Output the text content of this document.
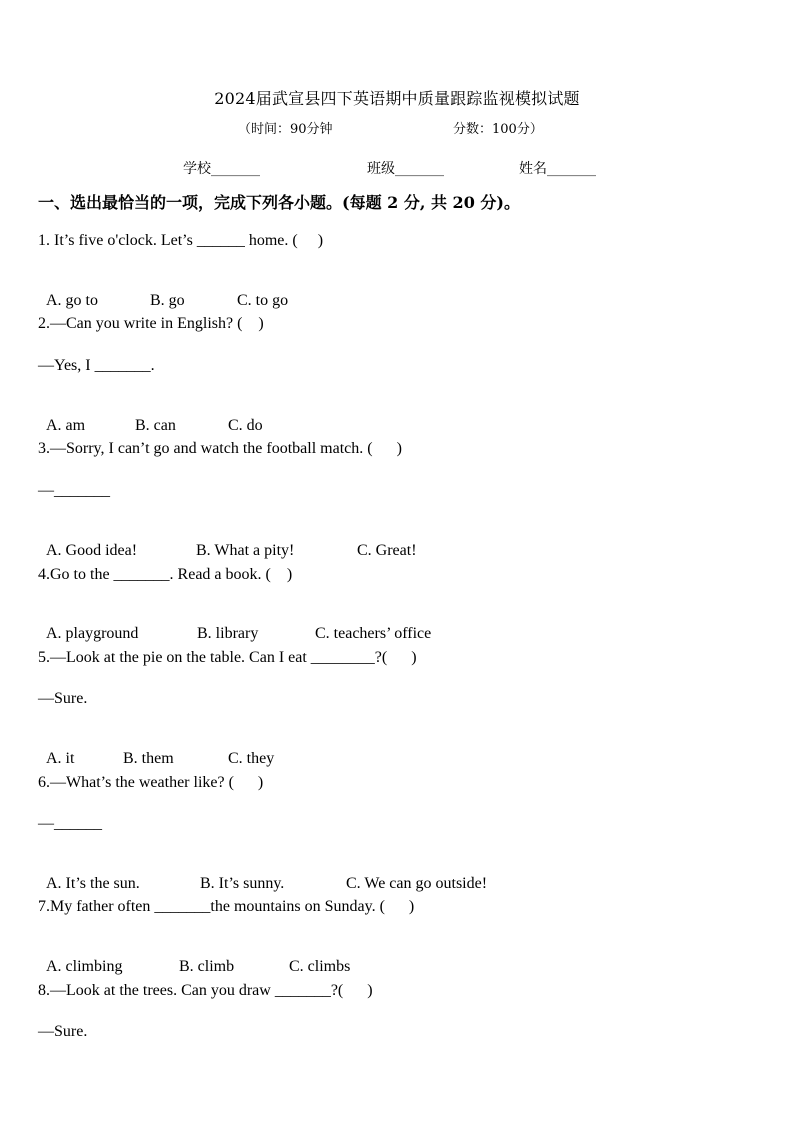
2024届武宣县四下英语期中质量跟踪监视模拟试题
（时间：90分钟	分数：100分）
学校_______	班级_______	姓名_______
一、选出最恰当的一项，完成下列各小题。(每题 2 分, 共 20 分)。
1. It’s five o'clock. Let’s ______ home. (     )

A. go to	B. go	C. to go

2.—Can you write in English? (    )
—Yes, I _______.

A. am	B. can	C. do

3.—Sorry, I can’t go and watch the football match. (      )
—_______

A. Good idea!	B. What a pity!	C. Great!

4.Go to the _______. Read a book. (    )

A. playground	B. library	C. teachers’ office

5.—Look at the pie on the table. Can I eat ________?(      )
—Sure.

A. it	B. them	C. they

6.—What’s the weather like? (      )
—______

A. It’s the sun.	B. It’s sunny.	C. We can go outside!

7.My father often _______the mountains on Sunday. (      )

A. climbing	B. climb	C. climbs

8.—Look at the trees. Can you draw _______?(      )
—Sure.
